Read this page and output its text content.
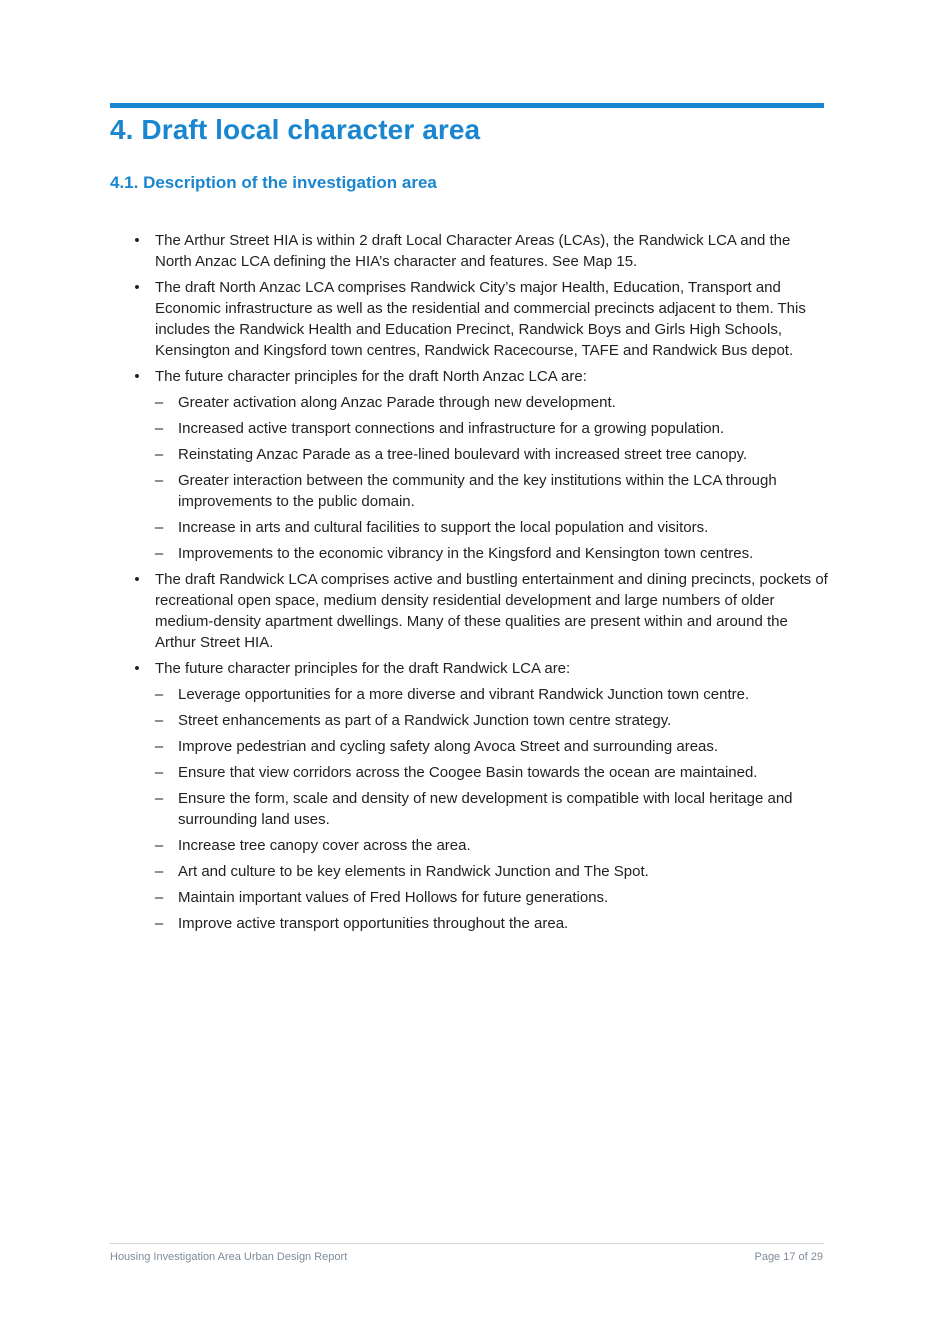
4. Draft local character area
4.1. Description of the investigation area
• The Arthur Street HIA is within 2 draft Local Character Areas (LCAs), the Randwick LCA and the North Anzac LCA defining the HIA’s character and features. See Map 15.
• The draft North Anzac LCA comprises Randwick City’s major Health, Education, Transport and Economic infrastructure as well as the residential and commercial precincts adjacent to them. This includes the Randwick Health and Education Precinct, Randwick Boys and Girls High Schools, Kensington and Kingsford town centres, Randwick Racecourse, TAFE and Randwick Bus depot.
• The future character principles for the draft North Anzac LCA are:
– Greater activation along Anzac Parade through new development.
– Increased active transport connections and infrastructure for a growing population.
– Reinstating Anzac Parade as a tree-lined boulevard with increased street tree canopy.
– Greater interaction between the community and the key institutions within the LCA through improvements to the public domain.
– Increase in arts and cultural facilities to support the local population and visitors.
– Improvements to the economic vibrancy in the Kingsford and Kensington town centres.
• The draft Randwick LCA comprises active and bustling entertainment and dining precincts, pockets of recreational open space, medium density residential development and large numbers of older medium-density apartment dwellings. Many of these qualities are present within and around the Arthur Street HIA.
• The future character principles for the draft Randwick LCA are:
– Leverage opportunities for a more diverse and vibrant Randwick Junction town centre.
– Street enhancements as part of a Randwick Junction town centre strategy.
– Improve pedestrian and cycling safety along Avoca Street and surrounding areas.
– Ensure that view corridors across the Coogee Basin towards the ocean are maintained.
– Ensure the form, scale and density of new development is compatible with local heritage and surrounding land uses.
– Increase tree canopy cover across the area.
– Art and culture to be key elements in Randwick Junction and The Spot.
– Maintain important values of Fred Hollows for future generations.
– Improve active transport opportunities throughout the area.
Housing Investigation Area Urban Design Report	Page 17 of 29
